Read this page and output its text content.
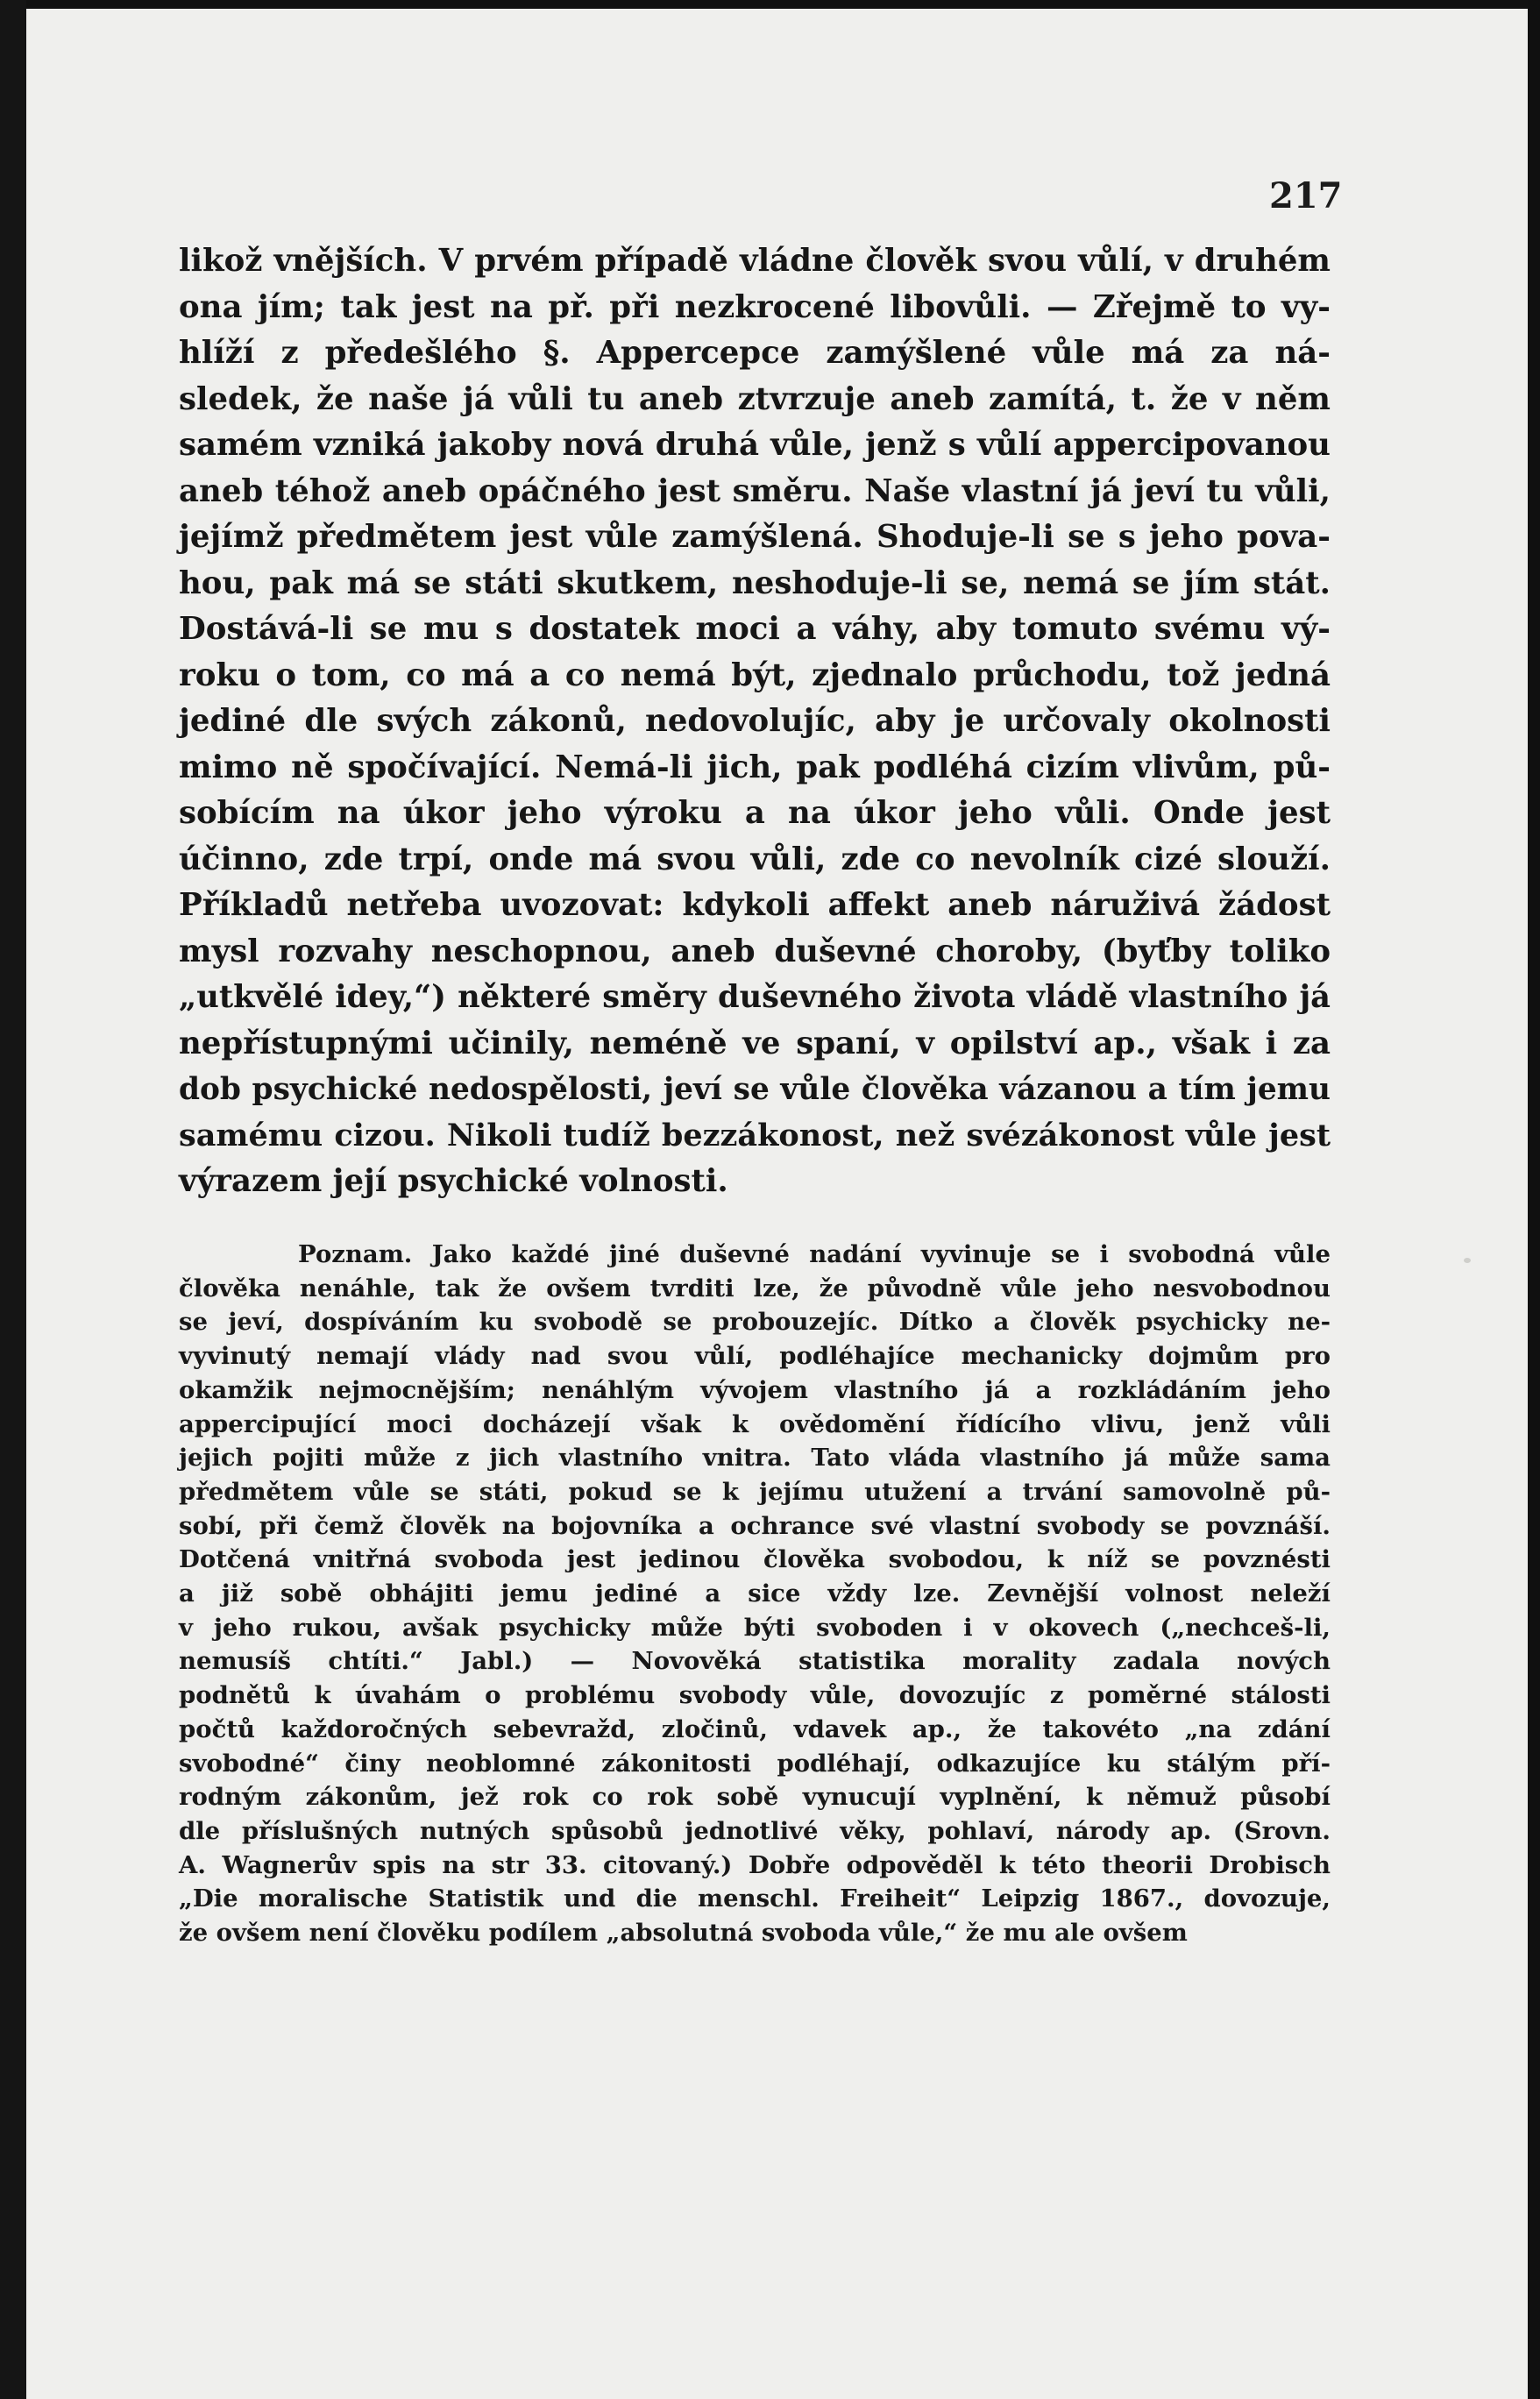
217
likož vnějších. V prvém případě vládne člověk svou vůlí, v druhém
ona jím; tak jest na př. při nezkrocené libovůli. — Zřejmě to vy-
hlíží z předešlého §. Appercepce zamýšlené vůle má za ná-
sledek, že naše já vůli tu aneb ztvrzuje aneb zamítá, t. že v něm
samém vzniká jakoby nová druhá vůle, jenž s vůlí appercipovanou
aneb téhož aneb opáčného jest směru. Naše vlastní já jeví tu vůli,
jejímž předmětem jest vůle zamýšlená. Shoduje-li se s jeho pova-
hou, pak má se státi skutkem, neshoduje-li se, nemá se jím stát.
Dostává-li se mu s dostatek moci a váhy, aby tomuto svému vý-
roku o tom, co má a co nemá být, zjednalo průchodu, tož jedná
jediné dle svých zákonů, nedovolujíc, aby je určovaly okolnosti
mimo ně spočívající. Nemá-li jich, pak podléhá cizím vlivům, pů-
sobícím na úkor jeho výroku a na úkor jeho vůli. Onde jest
účinno, zde trpí, onde má svou vůli, zde co nevolník cizé slouží.
Příkladů netřeba uvozovat: kdykoli affekt aneb náruživá žádost
mysl rozvahy neschopnou, aneb duševné choroby, (byťby toliko
„utkvělé idey,“) některé směry duševného života vládě vlastního já
nepřístupnými učinily, neméně ve spaní, v opilství ap., však i za
dob psychické nedospělosti, jeví se vůle člověka vázanou a tím jemu
samému cizou. Nikoli tudíž bezzákonost, než svézákonost vůle jest
výrazem její psychické volnosti.
Poznam. Jako každé jiné duševné nadání vyvinuje se i svobodná vůle
člověka nenáhle, tak že ovšem tvrditi lze, že původně vůle jeho nesvobodnou
se jeví, dospíváním ku svobodě se probouzejíc. Dítko a člověk psychicky ne-
vyvinutý nemají vlády nad svou vůlí, podléhajíce mechanicky dojmům pro
okamžik nejmocnějším; nenáhlým vývojem vlastního já a rozkládáním jeho
appercipující moci docházejí však k ovědomění řídícího vlivu, jenž vůli
jejich pojiti může z jich vlastního vnitra. Tato vláda vlastního já může sama
předmětem vůle se státi, pokud se k jejímu utužení a trvání samovolně pů-
sobí, při čemž člověk na bojovníka a ochrance své vlastní svobody se povznáší.
Dotčená vnitřná svoboda jest jedinou člověka svobodou, k níž se povznésti
a již sobě obhájiti jemu jediné a sice vždy lze. Zevnější volnost neleží
v jeho rukou, avšak psychicky může býti svoboden i v okovech („nechceš-li,
nemusíš chtíti.“ Jabl.) — Novověká statistika morality zadala nových
podnětů k úvahám o problému svobody vůle, dovozujíc z poměrné stálosti
počtů každoročných sebevražd, zločinů, vdavek ap., že takovéto „na zdání
svobodné“ činy neoblomné zákonitosti podléhají, odkazujíce ku stálým pří-
rodným zákonům, jež rok co rok sobě vynucují vyplnění, k němuž působí
dle příslušných nutných spůsobů jednotlivé věky, pohlaví, národy ap. (Srovn.
A. Wagnerův spis na str 33. citovaný.) Dobře odpověděl k této theorii Drobisch
„Die moralische Statistik und die menschl. Freiheit“ Leipzig 1867., dovozuje,
že ovšem není člověku podílem „absolutná svoboda vůle,“ že mu ale ovšem
